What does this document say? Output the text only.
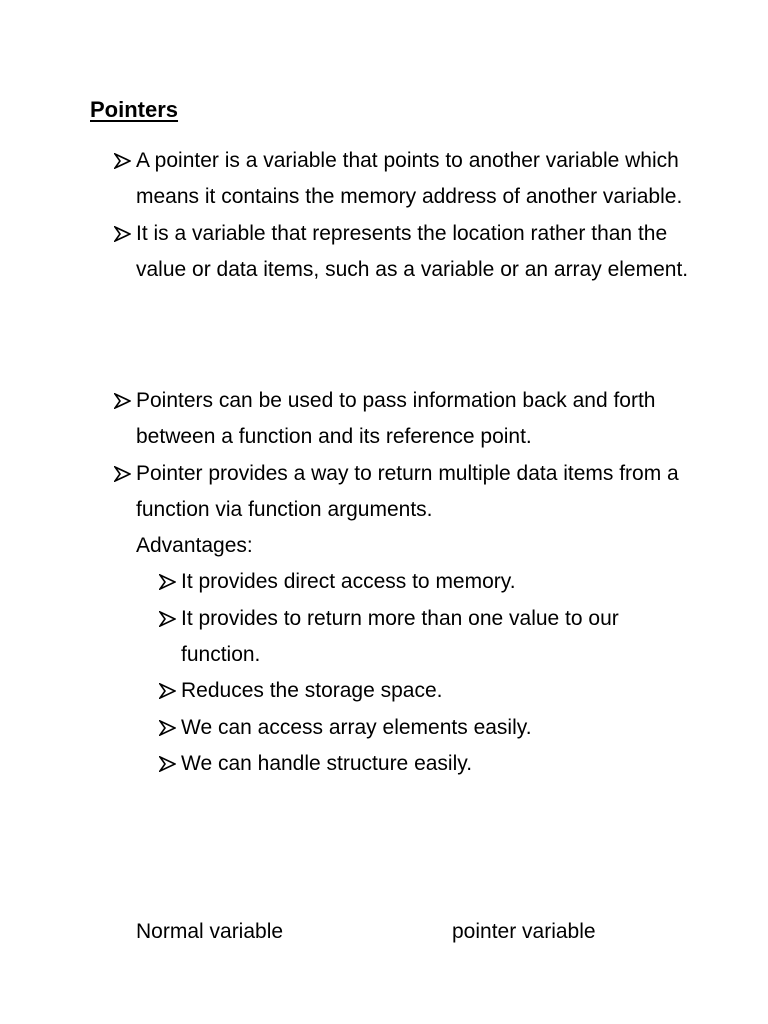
Pointers
A pointer is a variable that points to another variable which means it contains the memory address of another variable.
It is a variable that represents the location rather than the value or data items, such as a variable or an array element.
Pointers can be used to pass information back and forth between a function and its reference point.
Pointer provides a way to return multiple data items from a function via function arguments.
Advantages:
It provides direct access to memory.
It provides to return more than one value to our function.
Reduces the storage space.
We can access array elements easily.
We can handle structure easily.
Normal variable	pointer variable
